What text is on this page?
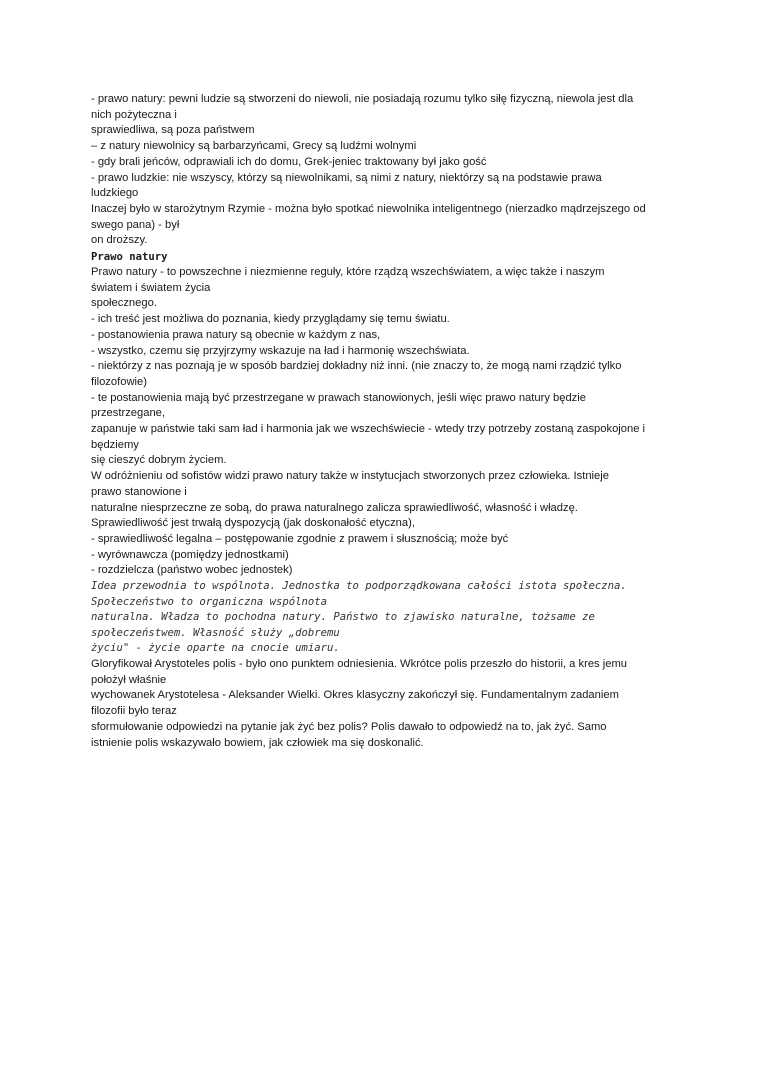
- prawo natury: pewni ludzie są stworzeni do niewoli, nie posiadają rozumu tylko siłę fizyczną, niewola jest dla

nich pożyteczna i

sprawiedliwa, są poza państwem

– z natury niewolnicy są barbarzyńcami, Grecy są ludźmi wolnymi

- gdy brali jeńców, odprawiali ich do domu, Grek-jeniec traktowany był jako gość

- prawo ludzkie: nie wszyscy, którzy są niewolnikami, są nimi z natury, niektórzy są na podstawie prawa

ludzkiego

Inaczej było w starożytnym Rzymie - można było spotkać niewolnika inteligentnego (nierzadko mądrzejszego od

swego pana) - był

on droższy.

Prawo natury

Prawo natury - to powszechne i niezmienne reguły, które rządzą wszechświatem, a więc także i naszym

światem i światem życia

społecznego.

- ich treść jest możliwa do poznania, kiedy przyglądamy się temu światu.

- postanowienia prawa natury są obecnie w każdym z nas,

- wszystko, czemu się przyjrzymy wskazuje na ład i harmonię wszechświata.

- niektórzy z nas poznają je w sposób bardziej dokładny niż inni. (nie znaczy to, że mogą nami rządzić tylko

filozofowie)

- te postanowienia mają być przestrzegane w prawach stanowionych, jeśli więc prawo natury będzie

przestrzegane,

zapanuje w państwie taki sam ład i harmonia jak we wszechświecie - wtedy trzy potrzeby zostaną zaspokojone i

będziemy

się cieszyć dobrym życiem.

W odróżnieniu od sofistów widzi prawo natury także w instytucjach stworzonych przez człowieka. Istnieje

prawo stanowione i

naturalne niesprzeczne ze sobą, do prawa naturalnego zalicza sprawiedliwość, własność i władzę.

Sprawiedliwość jest trwałą dyspozycją (jak doskonałość etyczna),

- sprawiedliwość legalna – postępowanie zgodnie z prawem i słusznością; może być

- wyrównawcza (pomiędzy jednostkami)

- rozdzielcza (państwo wobec jednostek)

Idea przewodnia to wspólnota. Jednostka to podporządkowana całości istota społeczna.

Społeczeństwo to organiczna wspólnota

naturalna. Władza to pochodna natury. Państwo to zjawisko naturalne, tożsame ze

społeczeństwem. Własność służy „dobremu

życiu" - życie oparte na cnocie umiaru.

Gloryfikował Arystoteles polis - było ono punktem odniesienia. Wkrótce polis przeszło do historii, a kres jemu

położył właśnie

wychowanek Arystotelesa - Aleksander Wielki. Okres klasyczny zakończył się. Fundamentalnym zadaniem

filozofii było teraz

sformułowanie odpowiedzi na pytanie jak żyć bez polis? Polis dawało to odpowiedź na to, jak żyć. Samo

istnienie polis wskazywało bowiem, jak człowiek ma się doskonalić.
